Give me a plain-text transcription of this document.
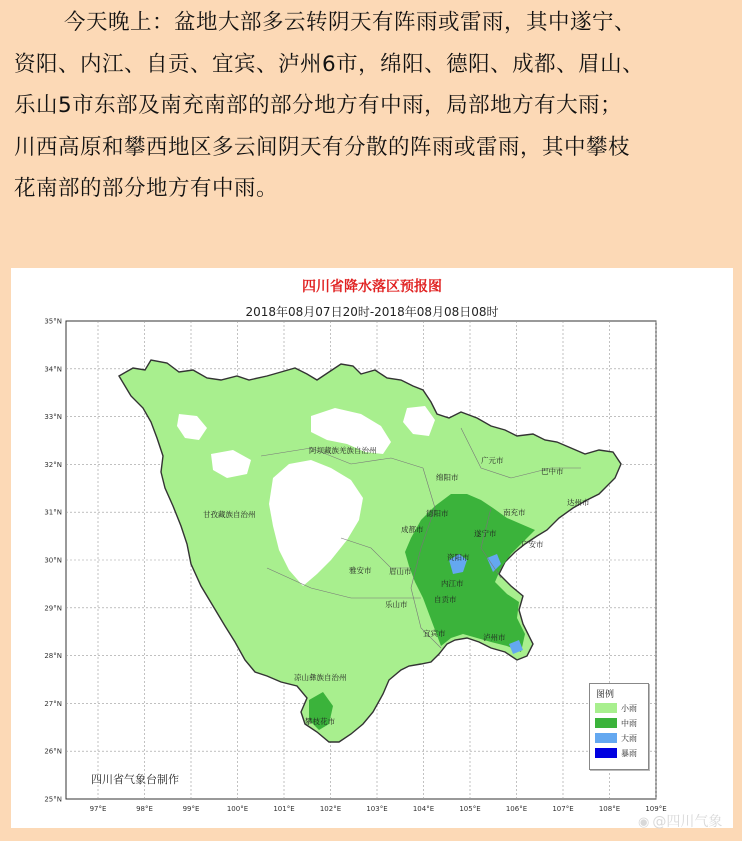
今天晚上：盆地大部多云转阴天有阵雨或雷雨，其中遂宁、
资阳、内江、自贡、宜宾、泸州6市，绵阳、德阳、成都、眉山、
乐山5市东部及南充南部的部分地方有中雨，局部地方有大雨；
川西高原和攀西地区多云间阴天有分散的阵雨或雷雨，其中攀枝
花南部的部分地方有中雨。
四川省降水落区预报图
2018年08月07日20时-2018年08月08日08时
阿坝藏族羌族自治州
甘孜藏族自治州
凉山彝族自治州
广元市
巴中市
绵阳市
达州市
德阳市	南充市
成都市	遂宁市
广安市
资阳市
雅安市 眉山市
内江市
乐山市
自贡市
宜宾市	泸州市
攀枝花市
35°N
34°N
33°N
32°N
31°N
30°N
29°N
28°N
27°N
26°N
25°N
97°E	98°E	99°E	100°E	101°E	102°E	103°E	104°E	105°E	106°E	107°E	108°E	109°E
四川省气象台制作
图例
小雨
中雨
大雨
暴雨
◉ @四川气象
